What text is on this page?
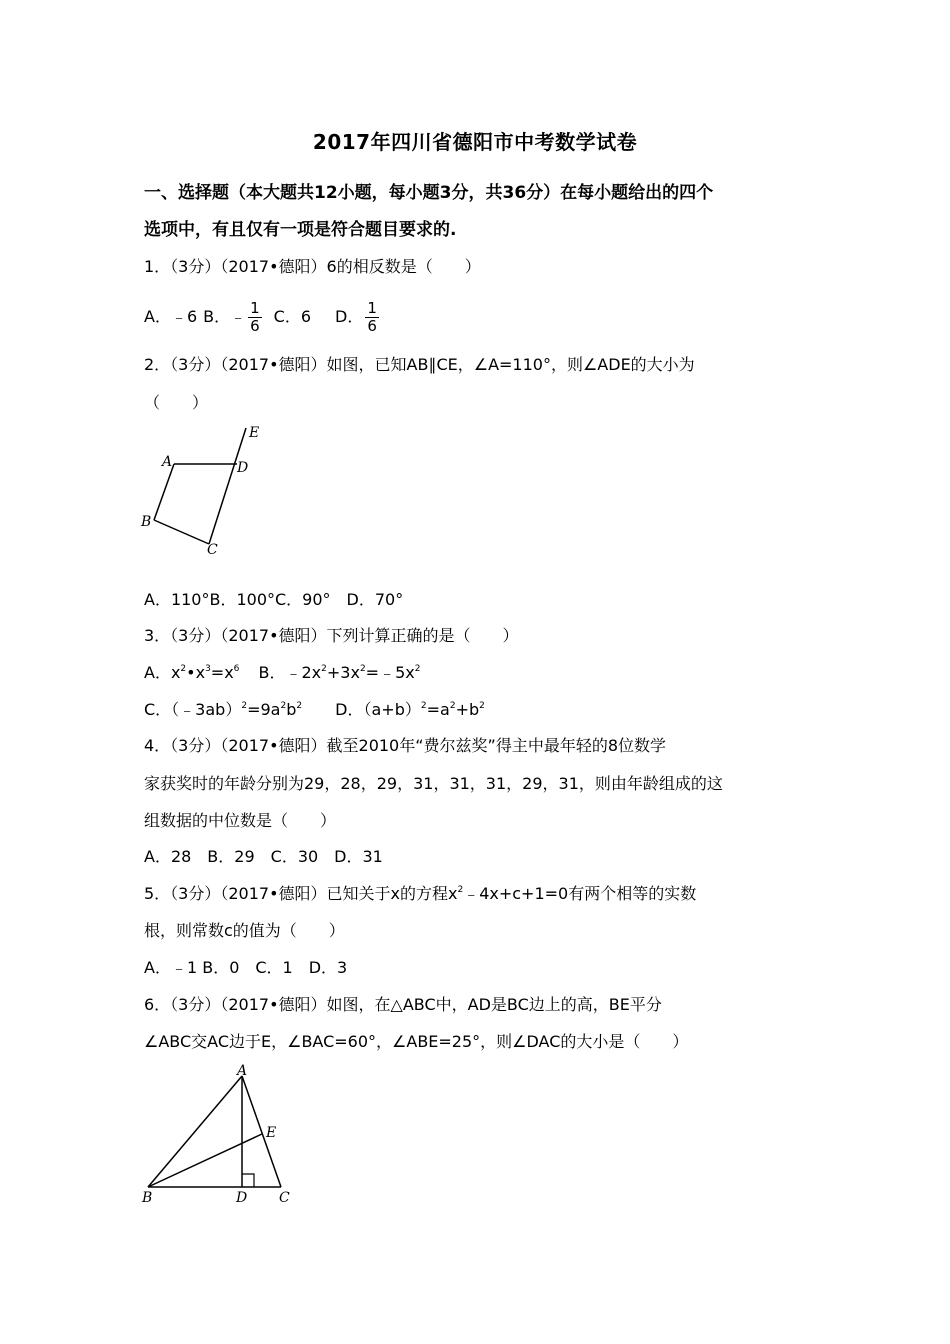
2017年四川省德阳市中考数学试卷
一、选择题（本大题共12小题，每小题3分，共36分）在每小题给出的四个
选项中，有且仅有一项是符合题目要求的.
1．（3分）（2017•德阳）6的相反数是（　　）
A．﹣6 B．﹣ $\frac{1}{6}$ C．6 D． $\frac{1}{6}$
2．（3分）（2017•德阳）如图，已知AB∥CE，∠A=110°，则∠ADE的大小为
（　　）
A
B
C
D
E
A．110°B．100°C．90°　D．70°
3．（3分）（2017•德阳）下列计算正确的是（　　）
A．$x^2•x^3=x^6$ B．$﹣2x^2+3x^2=﹣5x^2$
C．$(﹣3ab)^2=9a^2b^2$ D．$(a+b)^2=a^2+b^2$
4．（3分）（2017•德阳）截至2010年“费尔兹奖”得主中最年轻的8位数学
家获奖时的年龄分别为29，28，29，31，31，31，29，31，则由年龄组成的这
组数据的中位数是（　　）
A．28　B．29　C．30　D．31
5．（3分）（2017•德阳）已知关于x的方程$x^2﹣4x+c+1=0$有两个相等的实数
根，则常数c的值为（　　）
A．﹣1 B．0　C．1　D．3
6．（3分）（2017•德阳）如图，在△ABC中，AD是BC边上的高，BE平分
∠ABC交AC边于E，∠BAC=60°，∠ABE=25°，则∠DAC的大小是（　　）
A
B	D C
E
